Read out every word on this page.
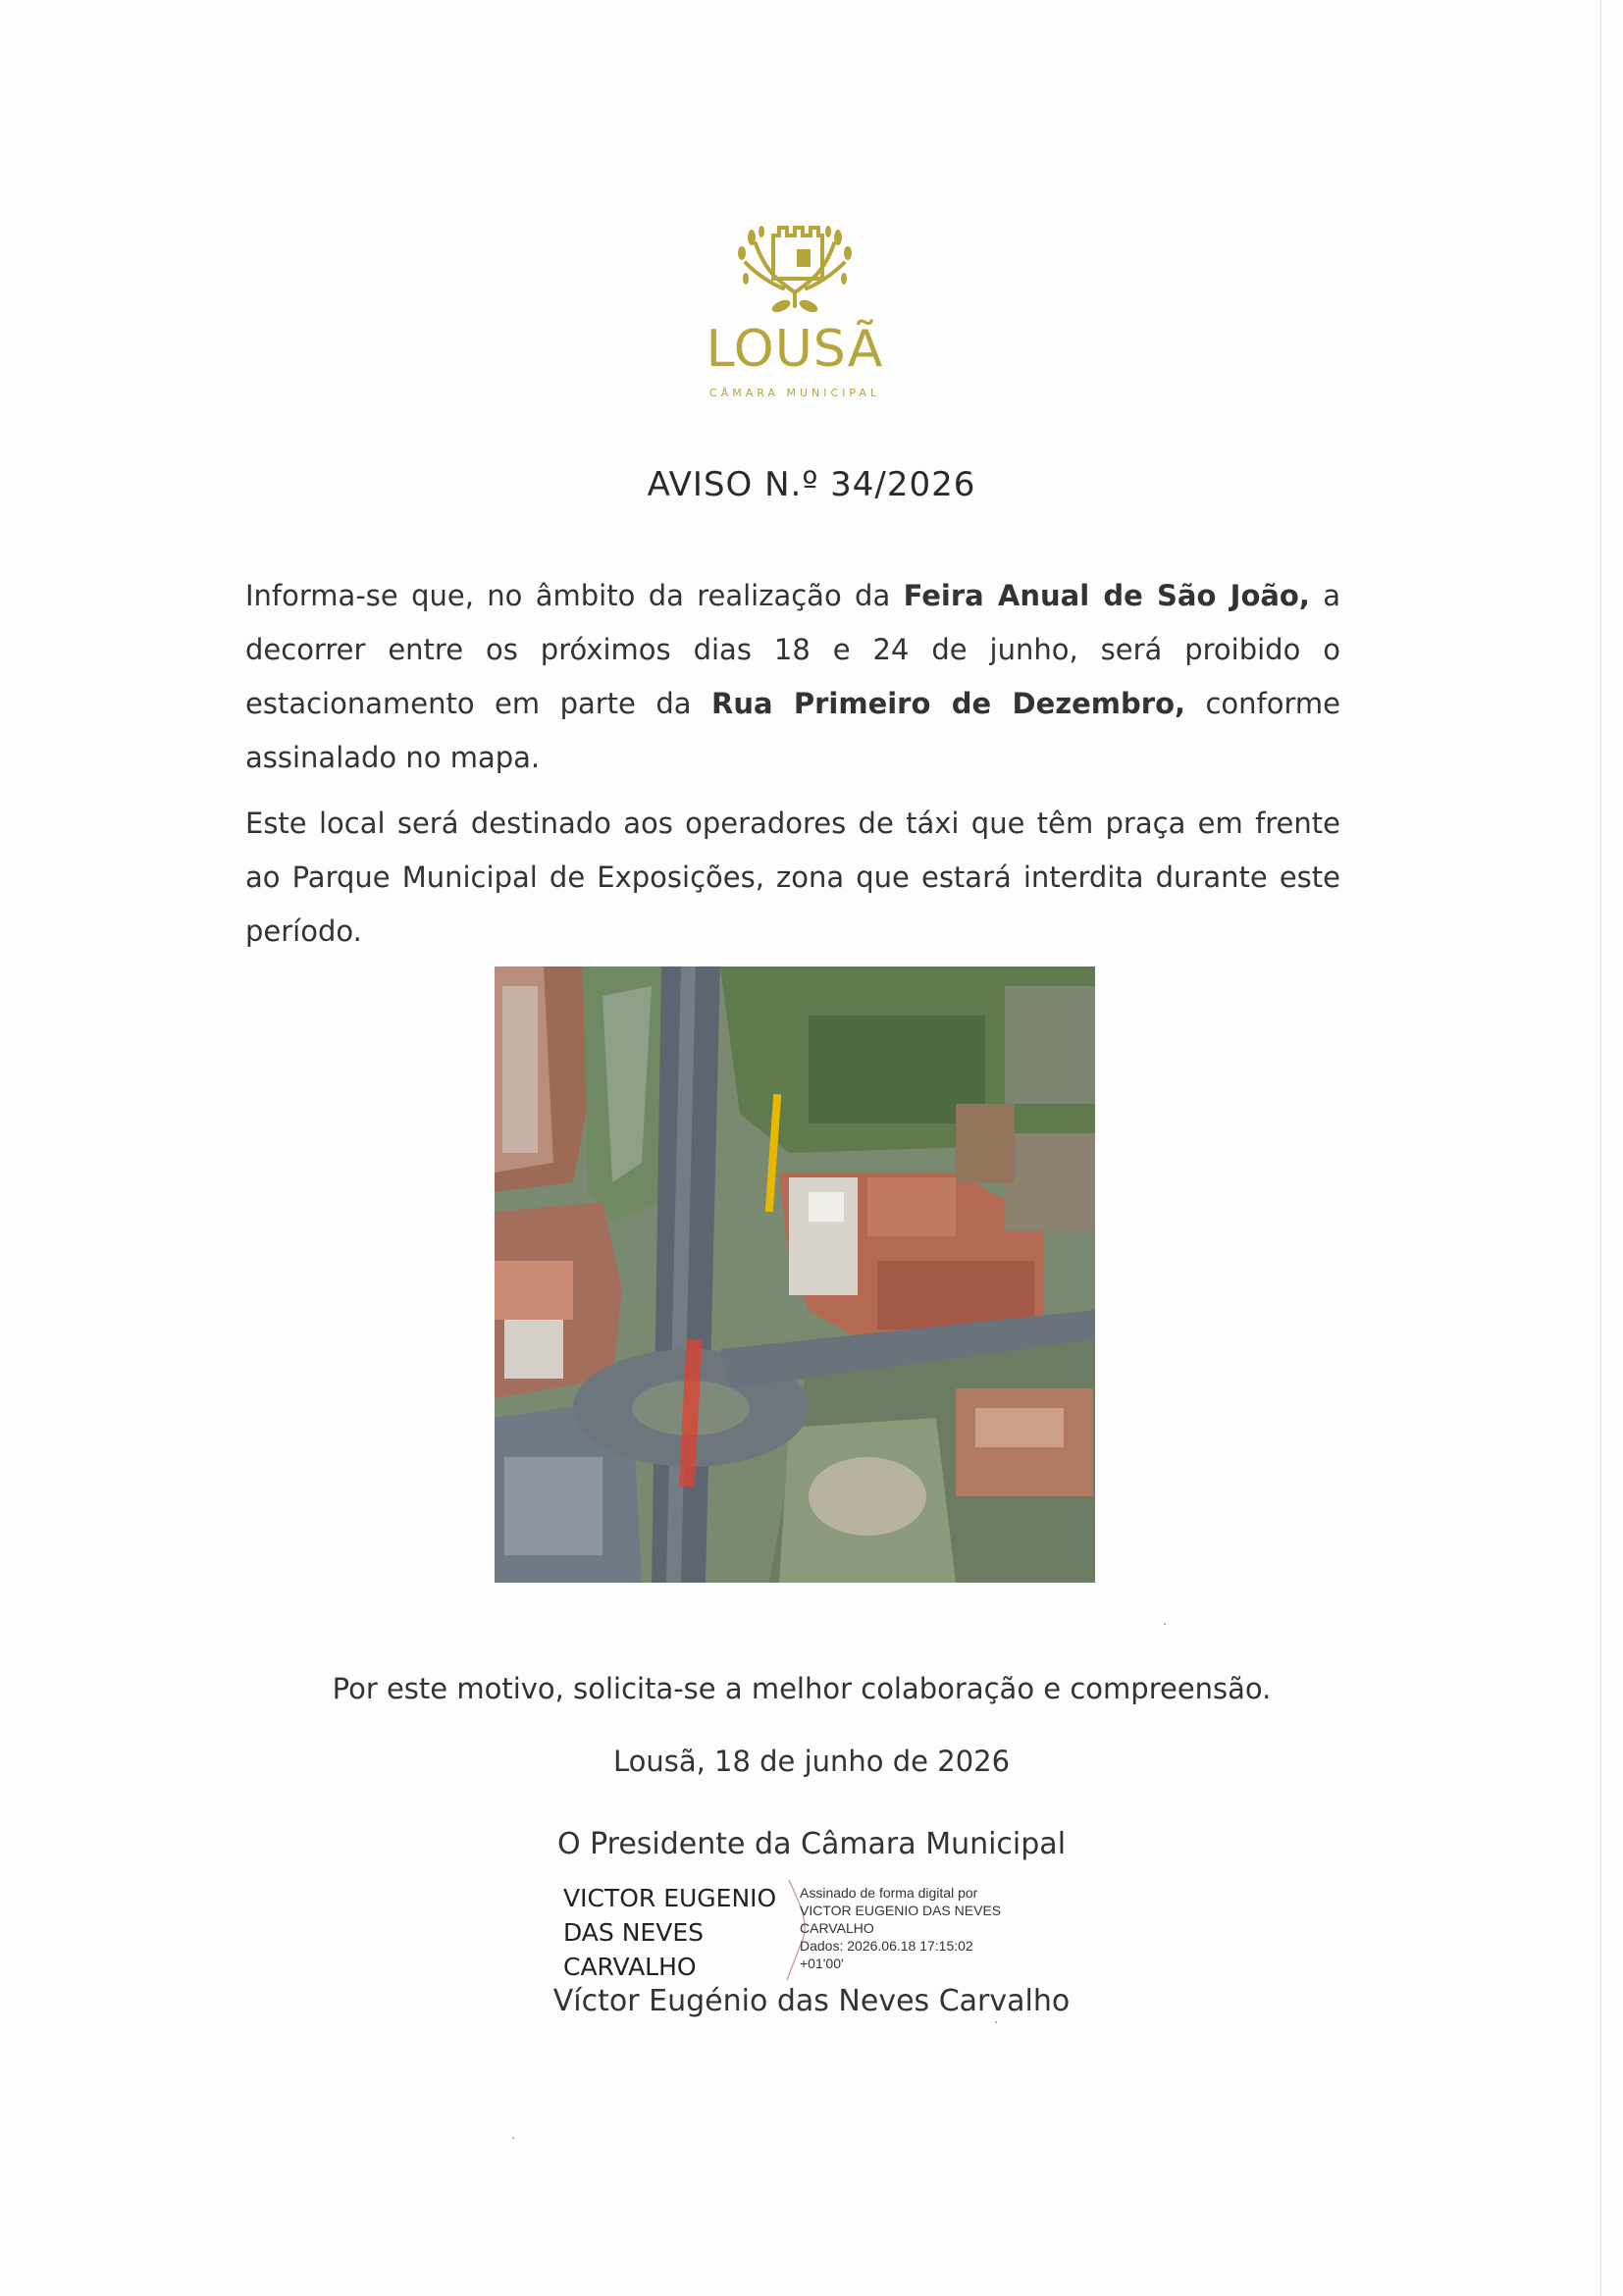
LOUSÃ
CÂMARA MUNICIPAL
AVISO N.º 34/2026
Informa-se que, no âmbito da realização da Feira Anual de São João, a decorrer entre os próximos dias 18 e 24 de junho, será proibido o estacionamento em parte da Rua Primeiro de Dezembro, conforme assinalado no mapa.
Este local será destinado aos operadores de táxi que têm praça em frente ao Parque Municipal de Exposições, zona que estará interdita durante este período.
Por este motivo, solicita-se a melhor colaboração e compreensão.
Lousã, 18 de junho de 2026
O Presidente da Câmara Municipal
VICTOR EUGENIO
DAS NEVES
CARVALHO
Assinado de forma digital por
VICTOR EUGENIO DAS NEVES
CARVALHO
Dados: 2026.06.18 17:15:02
+01'00'
Víctor Eugénio das Neves Carvalho
